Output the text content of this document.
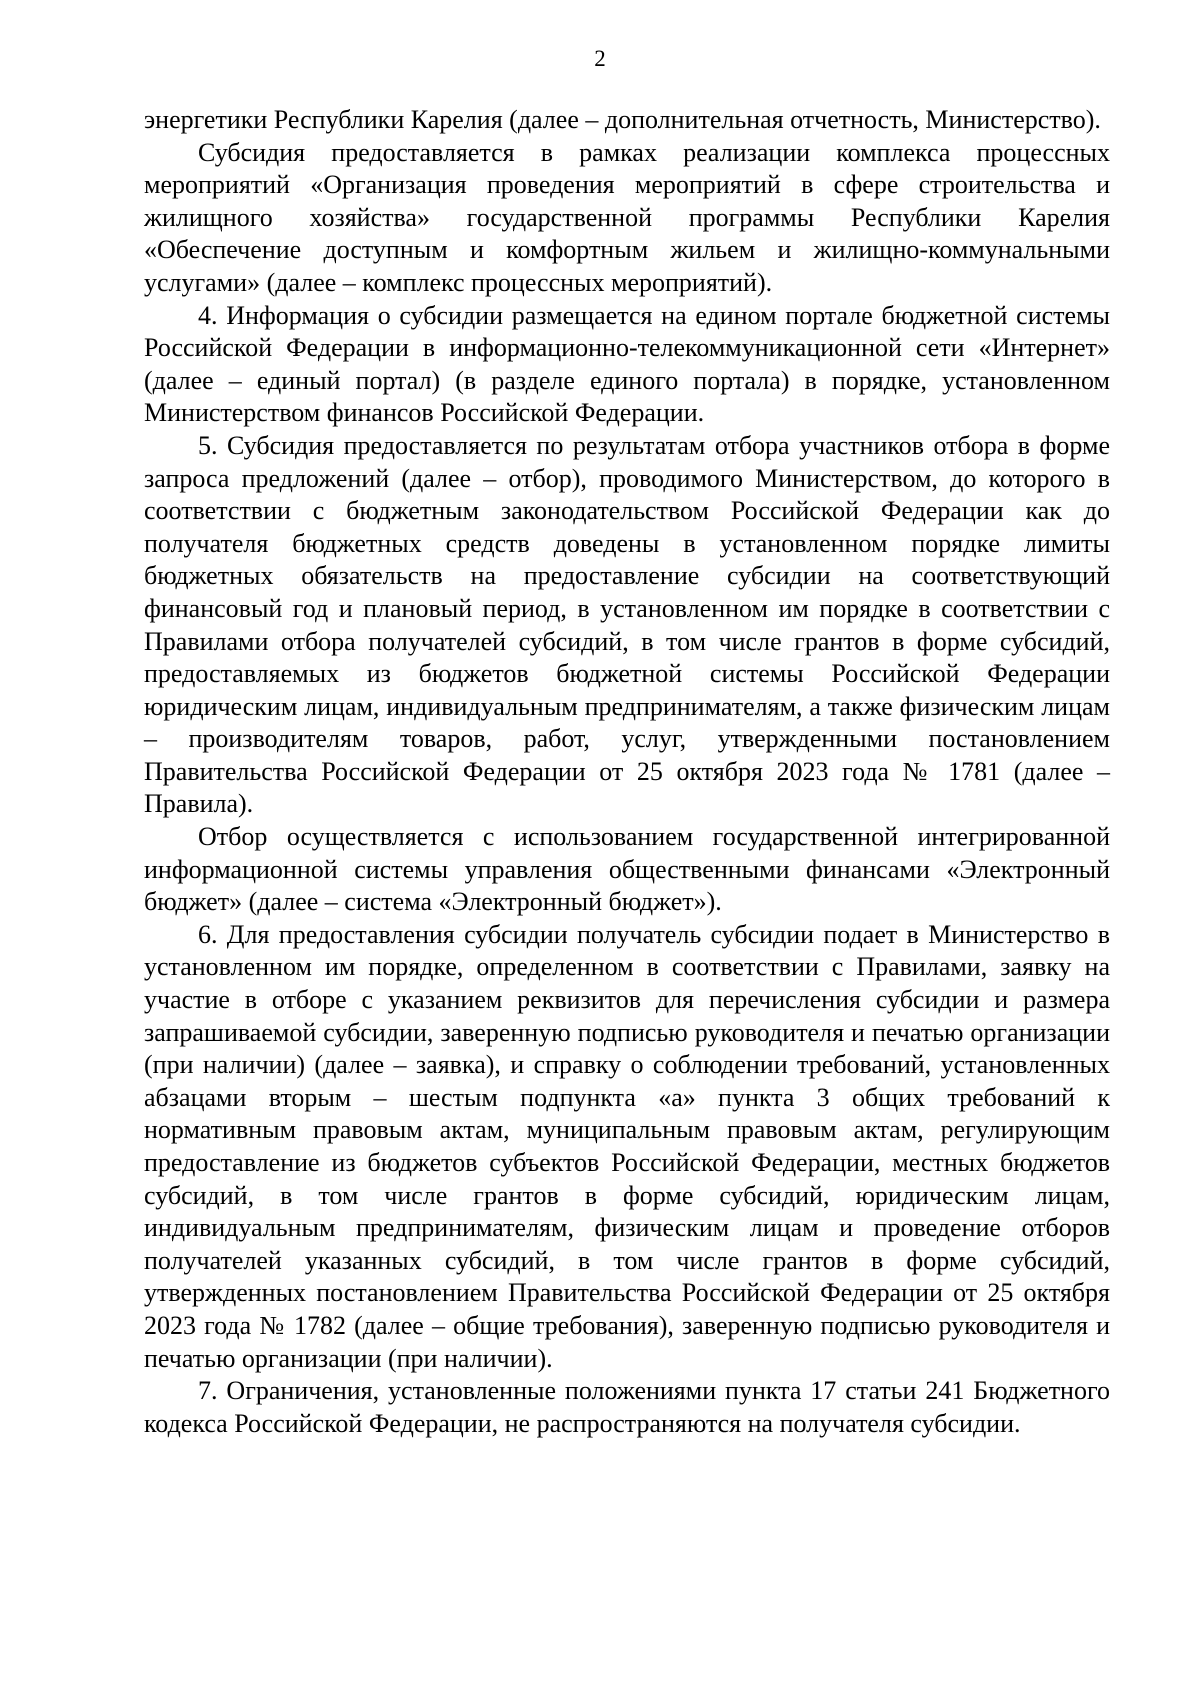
2

энергетики Республики Карелия (далее – дополнительная отчетность, Министерство).

Субсидия предоставляется в рамках реализации комплекса процессных мероприятий «Организация проведения мероприятий в сфере строительства и жилищного хозяйства» государственной программы Республики Карелия «Обеспечение доступным и комфортным жильем и жилищно-коммунальными услугами» (далее – комплекс процессных мероприятий).

4. Информация о субсидии размещается на едином портале бюджетной системы Российской Федерации в информационно-телекоммуникационной сети «Интернет» (далее – единый портал) (в разделе единого портала) в порядке, установленном Министерством финансов Российской Федерации.

5. Субсидия предоставляется по результатам отбора участников отбора в форме запроса предложений (далее – отбор), проводимого Министерством, до которого в соответствии с бюджетным законодательством Российской Федерации как до получателя бюджетных средств доведены в установленном порядке лимиты бюджетных обязательств на предоставление субсидии на соответствующий финансовый год и плановый период, в установленном им порядке в соответствии с Правилами отбора получателей субсидий, в том числе грантов в форме субсидий, предоставляемых из бюджетов бюджетной системы Российской Федерации юридическим лицам, индивидуальным предпринимателям, а также физическим лицам – производителям товаров, работ, услуг, утвержденными постановлением Правительства Российской Федерации от 25 октября 2023 года № 1781 (далее – Правила).

Отбор осуществляется с использованием государственной интегрированной информационной системы управления общественными финансами «Электронный бюджет» (далее – система «Электронный бюджет»).

6. Для предоставления субсидии получатель субсидии подает в Министерство в установленном им порядке, определенном в соответствии с Правилами, заявку на участие в отборе с указанием реквизитов для перечисления субсидии и размера запрашиваемой субсидии, заверенную подписью руководителя и печатью организации (при наличии) (далее – заявка), и справку о соблюдении требований, установленных абзацами вторым – шестым подпункта «а» пункта 3 общих требований к нормативным правовым актам, муниципальным правовым актам, регулирующим предоставление из бюджетов субъектов Российской Федерации, местных бюджетов субсидий, в том числе грантов в форме субсидий, юридическим лицам, индивидуальным предпринимателям, физическим лицам и проведение отборов получателей указанных субсидий, в том числе грантов в форме субсидий, утвержденных постановлением Правительства Российской Федерации от 25 октября 2023 года № 1782 (далее – общие требования), заверенную подписью руководителя и печатью организации (при наличии).

7. Ограничения, установленные положениями пункта 17 статьи 241 Бюджетного кодекса Российской Федерации, не распространяются на получателя субсидии.
